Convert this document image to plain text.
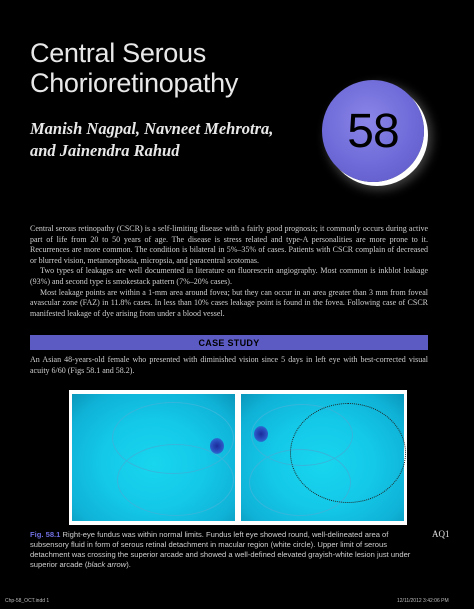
Central Serous
Chorioretinopathy
Manish Nagpal, Navneet Mehrotra,
and Jainendra Rahud	58

Central serous retinopathy (CSCR) is a self-limiting disease with a fairly good prognosis; it commonly occurs during active part of life from 20 to 50 years of age. The disease is stress related and type-A personalities are more prone to it. Recurrences are more common. The condition is bilateral in 5%–35% of cases. Patients with CSCR complain of decreased or blurred vision, metamorphosia, micropsia, and paracentral scotomas.

Two types of leakages are well documented in literature on fluorescein angiography. Most common is inkblot leakage (93%) and second type is smokestack pattern (7%–20% cases).

Most leakage points are within a 1-mm area around fovea; but they can occur in an area greater than 3 mm from foveal avascular zone (FAZ) in 11.8% cases. In less than 10% cases leakage point is found in the fovea. Following case of CSCR manifested leakage of dye arising from under a blood vessel.

CASE STUDY
An Asian 48-years-old female who presented with diminished vision since 5 days in left eye with best-corrected visual acuity 6/60 (Figs 58.1 and 58.2).
Fig. 58.1 Right-eye fundus was within normal limits. Fundus left eye showed round, well-delineated area of subsensory fluid in form of serous retinal detachment in macular region (white circle). Upper limit of serous detachment was crossing the superior arcade and showed a well-defined elevated grayish-white lesion just under superior arcade (black arrow).
AQ1
Chp-58_OCT.indd 1	12/11/2012 3:42:06 PM
